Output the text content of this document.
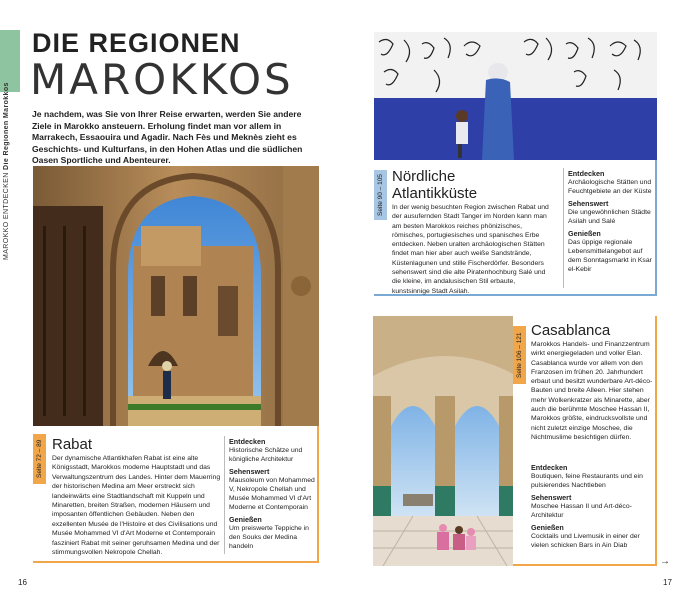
MAROKKO ENTDECKEN Die Regionen Marokkos
DIE REGIONEN
MAROKKOS
Je nachdem, was Sie von Ihrer Reise erwarten, werden Sie andere Ziele in Marokko ansteuern. Erholung findet man vor allem in Marrakech, Essaouira und Agadir. Nach Fès und Meknès zieht es Geschichts- und Kulturfans, in den Hohen Atlas und die südlichen Oasen Sportliche und Abenteurer.
Seite 72 – 89 Rabat
Der dynamische Atlantikhafen Rabat ist eine alte Königsstadt, Marokkos moderne Hauptstadt und das Verwaltungszentrum des Landes. Hinter dem Mauerring der historischen Medina am Meer erstreckt sich landeinwärts eine Stadtlandschaft mit Kuppeln und Minaretten, breiten Straßen, modernen Häusern und imposanten öffentlichen Gebäuden. Neben den exzellenten Musée de l'Histoire et des Civilisations und Musée Mohammed VI d'Art Moderne et Contemporain fasziniert Rabat mit seiner geruhsamen Medina und der stimmungsvollen Nekropole Chellah.
Entdecken

Historische Schätze und königliche Architektur

Sehenswert

Mausoleum von Mohammed V, Nekropole Chellah und Musée Mohammed VI d'Art Moderne et Contemporain

Genießen

Um preiswerte Teppiche in den Souks der Medina handeln

16
Seite 90 – 105 Nördliche Atlantikküste
In der wenig besuchten Region zwischen Rabat und der ausufernden Stadt Tanger im Norden kann man am besten Marokkos reiches phönizisches, römisches, portugiesisches und spanisches Erbe entdecken. Neben uralten archäologischen Stätten findet man hier aber auch weiße Sandstrände, Küstenlagunen und stille Fischerdörfer. Besonders sehenswert sind die alte Piratenhochburg Salé und die kleine, im andalusischen Stil erbaute, kunstsinnige Stadt Asilah.
Entdecken

Archäologische Stätten und Feuchtgebiete an der Küste

Sehenswert

Die ungewöhnlichen Städte Asilah und Salé

Genießen

Das üppige regionale Lebensmittelangebot auf dem Sonntagsmarkt in Ksar el-Kebir

Seite 106 – 121
Casablanca
Marokkos Handels- und Finanzzentrum wirkt energiegeladen und voller Elan. Casablanca wurde vor allem von den Franzosen im frühen 20. Jahrhundert erbaut und besitzt wunderbare Art-déco-Bauten und breite Alleen. Hier stehen mehr Wolkenkratzer als Minarette, aber auch die berühmte Moschee Hassan II, Marokkos größte, eindrucksvollste und nicht zuletzt einzige Moschee, die Nichtmuslime besichtigen dürfen.
Entdecken

Boutiquen, feine Restaurants und ein pulsierendes Nachtleben

Sehenswert

Moschee Hassan II und Art-déco-Architektur

Genießen

Cocktails und Livemusik in einer der vielen schicken Bars in Ain Diab

→
17
